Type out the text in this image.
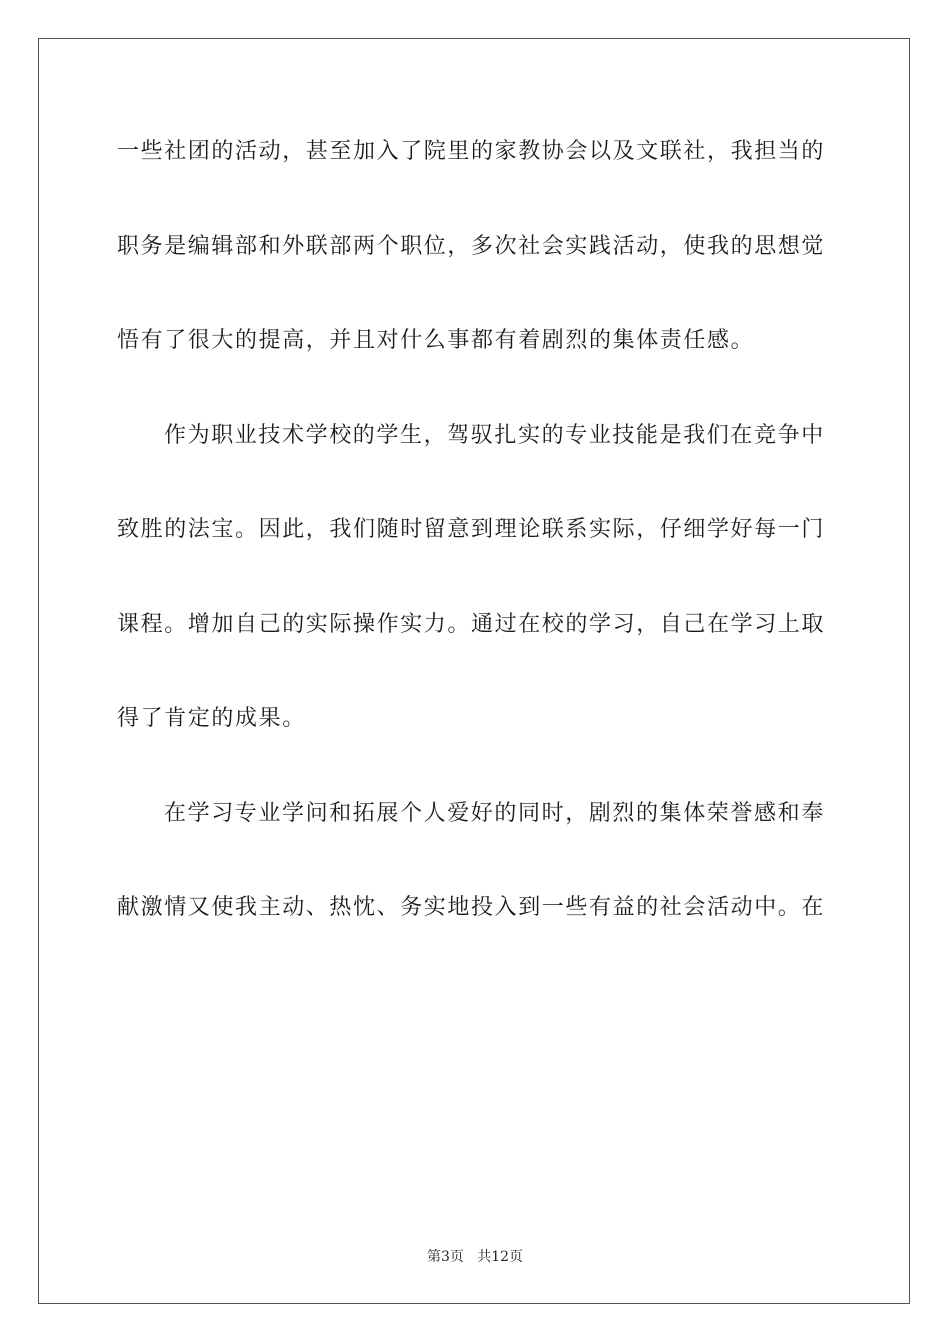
一些社团的活动，甚至加入了院里的家教协会以及文联社，我担当的
职务是编辑部和外联部两个职位，多次社会实践活动，使我的思想觉
悟有了很大的提高，并且对什么事都有着剧烈的集体责任感。
作为职业技术学校的学生，驾驭扎实的专业技能是我们在竞争中
致胜的法宝。因此，我们随时留意到理论联系实际，仔细学好每一门
课程。增加自己的实际操作实力。通过在校的学习，自己在学习上取
得了肯定的成果。
在学习专业学问和拓展个人爱好的同时，剧烈的集体荣誉感和奉
献激情又使我主动、热忱、务实地投入到一些有益的社会活动中。在
第3页   共12页
